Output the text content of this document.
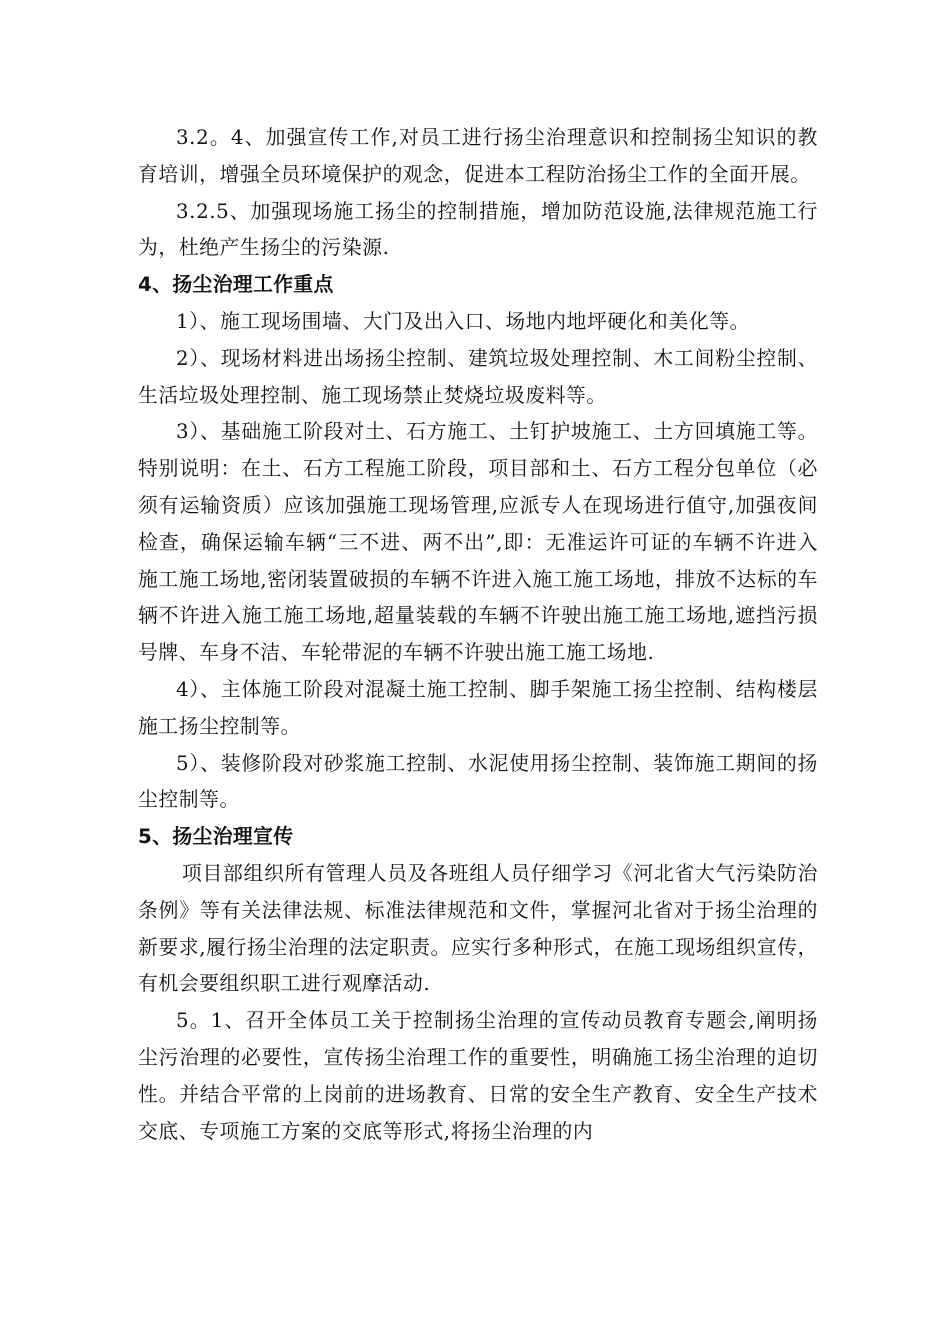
3.2。4、加强宣传工作,对员工进行扬尘治理意识和控制扬尘知识的教育培训，增强全员环境保护的观念，促进本工程防治扬尘工作的全面开展。

3.2.5、加强现场施工扬尘的控制措施，增加防范设施,法律规范施工行为，杜绝产生扬尘的污染源.

4、扬尘治理工作重点

1）、施工现场围墙、大门及出入口、场地内地坪硬化和美化等。

2）、现场材料进出场扬尘控制、建筑垃圾处理控制、木工间粉尘控制、生活垃圾处理控制、施工现场禁止焚烧垃圾废料等。

3）、基础施工阶段对土、石方施工、土钉护坡施工、土方回填施工等。特别说明：在土、石方工程施工阶段，项目部和土、石方工程分包单位（必须有运输资质）应该加强施工现场管理,应派专人在现场进行值守,加强夜间检查，确保运输车辆“三不进、两不出”,即：无准运许可证的车辆不许进入施工施工场地,密闭装置破损的车辆不许进入施工施工场地，排放不达标的车辆不许进入施工施工场地,超量装载的车辆不许驶出施工施工场地,遮挡污损号牌、车身不洁、车轮带泥的车辆不许驶出施工施工场地.

4）、主体施工阶段对混凝土施工控制、脚手架施工扬尘控制、结构楼层施工扬尘控制等。

5）、装修阶段对砂浆施工控制、水泥使用扬尘控制、装饰施工期间的扬尘控制等。

5、扬尘治理宣传

项目部组织所有管理人员及各班组人员仔细学习《河北省大气污染防治条例》等有关法律法规、标准法律规范和文件，掌握河北省对于扬尘治理的新要求,履行扬尘治理的法定职责。应实行多种形式，在施工现场组织宣传，有机会要组织职工进行观摩活动.

5。1、召开全体员工关于控制扬尘治理的宣传动员教育专题会,阐明扬尘污治理的必要性，宣传扬尘治理工作的重要性，明确施工扬尘治理的迫切性。并结合平常的上岗前的进场教育、日常的安全生产教育、安全生产技术交底、专项施工方案的交底等形式,将扬尘治理的内
